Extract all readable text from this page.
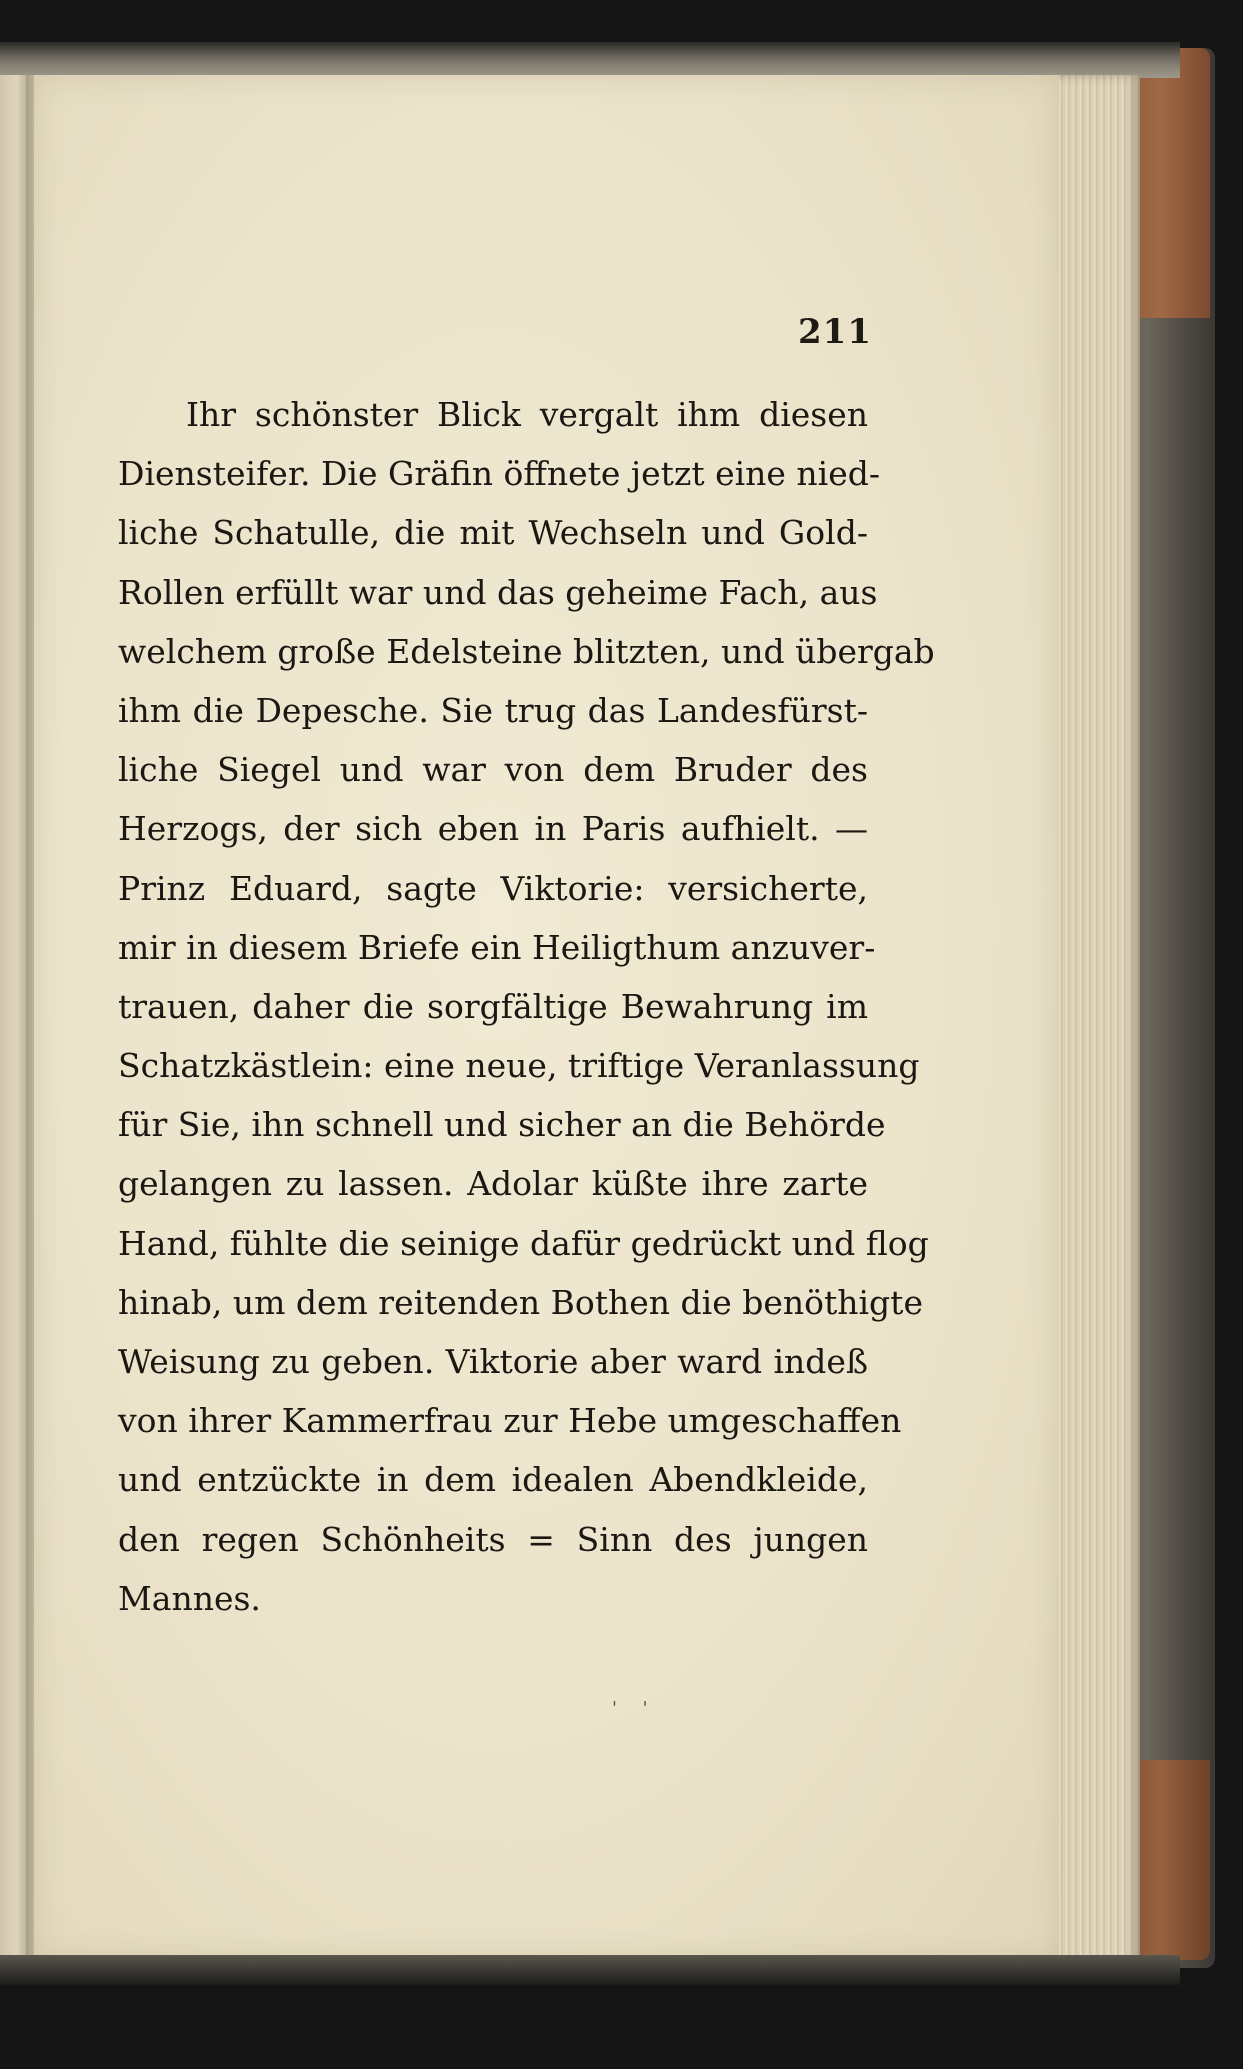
211
Ihr schönster Blick vergalt ihm diesen
Diensteifer. Die Gräfin öffnete jetzt eine nied-
liche Schatulle, die mit Wechseln und Gold-
Rollen erfüllt war und das geheime Fach, aus
welchem große Edelsteine blitzten, und übergab
ihm die Depesche. Sie trug das Landesfürst-
liche Siegel und war von dem Bruder des
Herzogs, der sich eben in Paris aufhielt. —
Prinz Eduard, sagte Viktorie: versicherte,
mir in diesem Briefe ein Heiligthum anzuver-
trauen, daher die sorgfältige Bewahrung im
Schatzkästlein: eine neue, triftige Veranlassung
für Sie, ihn schnell und sicher an die Behörde
gelangen zu lassen. Adolar küßte ihre zarte
Hand, fühlte die seinige dafür gedrückt und flog
hinab, um dem reitenden Bothen die benöthigte
Weisung zu geben. Viktorie aber ward indeß
von ihrer Kammerfrau zur Hebe umgeschaffen
und entzückte in dem idealen Abendkleide,
den regen Schönheits = Sinn des jungen
Mannes.
' '
